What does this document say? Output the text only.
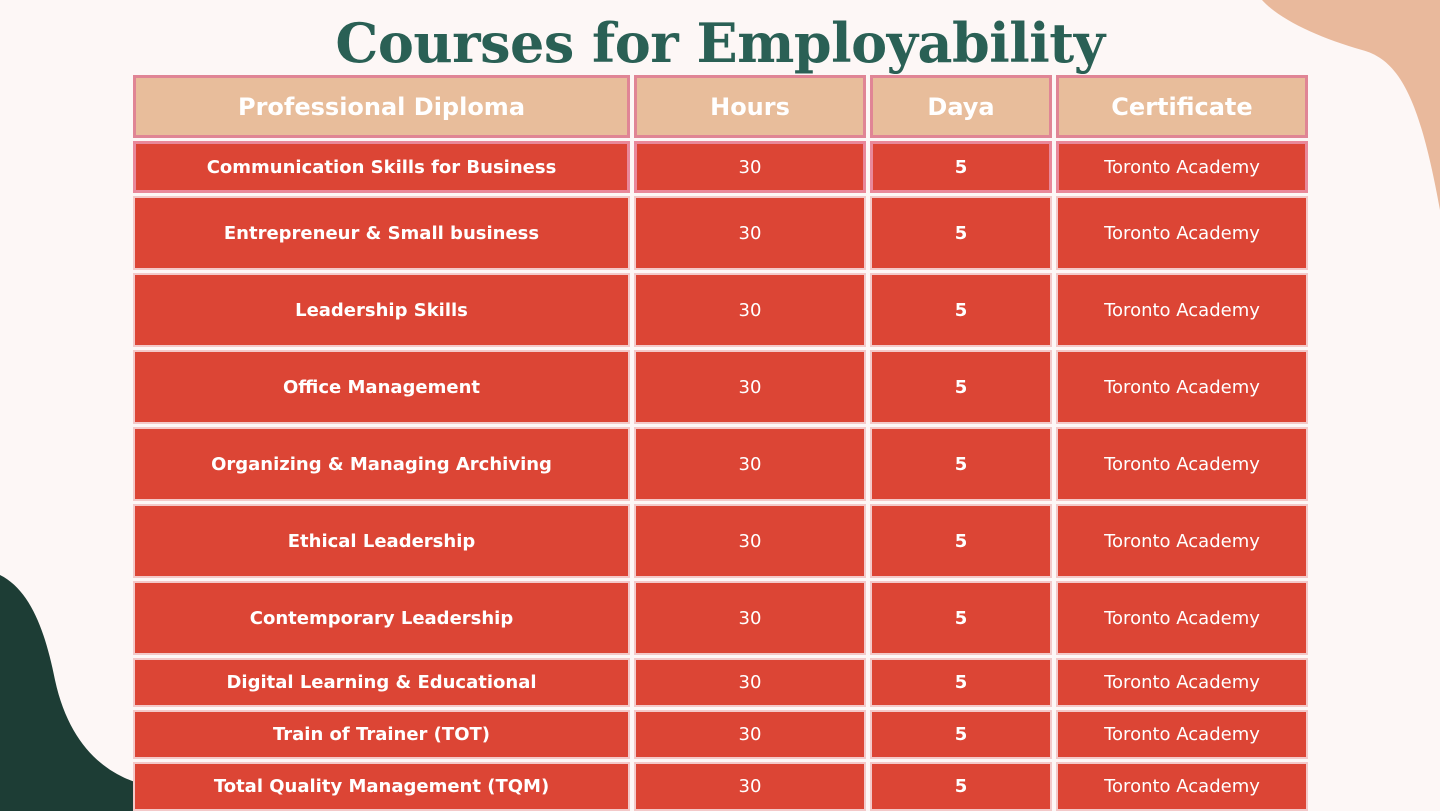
Courses for Employability
Professional Diploma	Hours	Daya	Certificate
Communication Skills for Business	30	5	Toronto Academy
Entrepreneur & Small business	30	5	Toronto Academy
Leadership Skills	30	5	Toronto Academy
Office Management	30	5	Toronto Academy
Organizing & Managing Archiving	30	5	Toronto Academy
Ethical Leadership	30	5	Toronto Academy
Contemporary Leadership	30	5	Toronto Academy
Digital Learning & Educational	30	5	Toronto Academy
Train of Trainer (TOT)	30	5	Toronto Academy
Total Quality Management (TQM)	30	5	Toronto Academy
